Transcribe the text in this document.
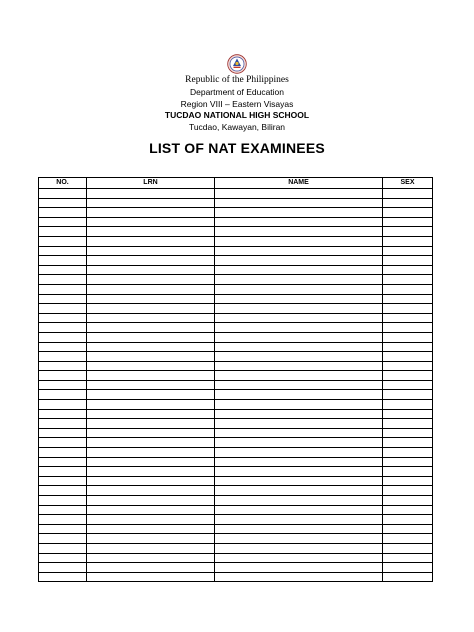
Republic of the Philippines
Department of Education
Region VIII – Eastern Visayas
TUCDAO NATIONAL HIGH SCHOOL
Tucdao, Kawayan, Biliran
LIST OF NAT EXAMINEES
NO.	LRN	NAME	SEX
